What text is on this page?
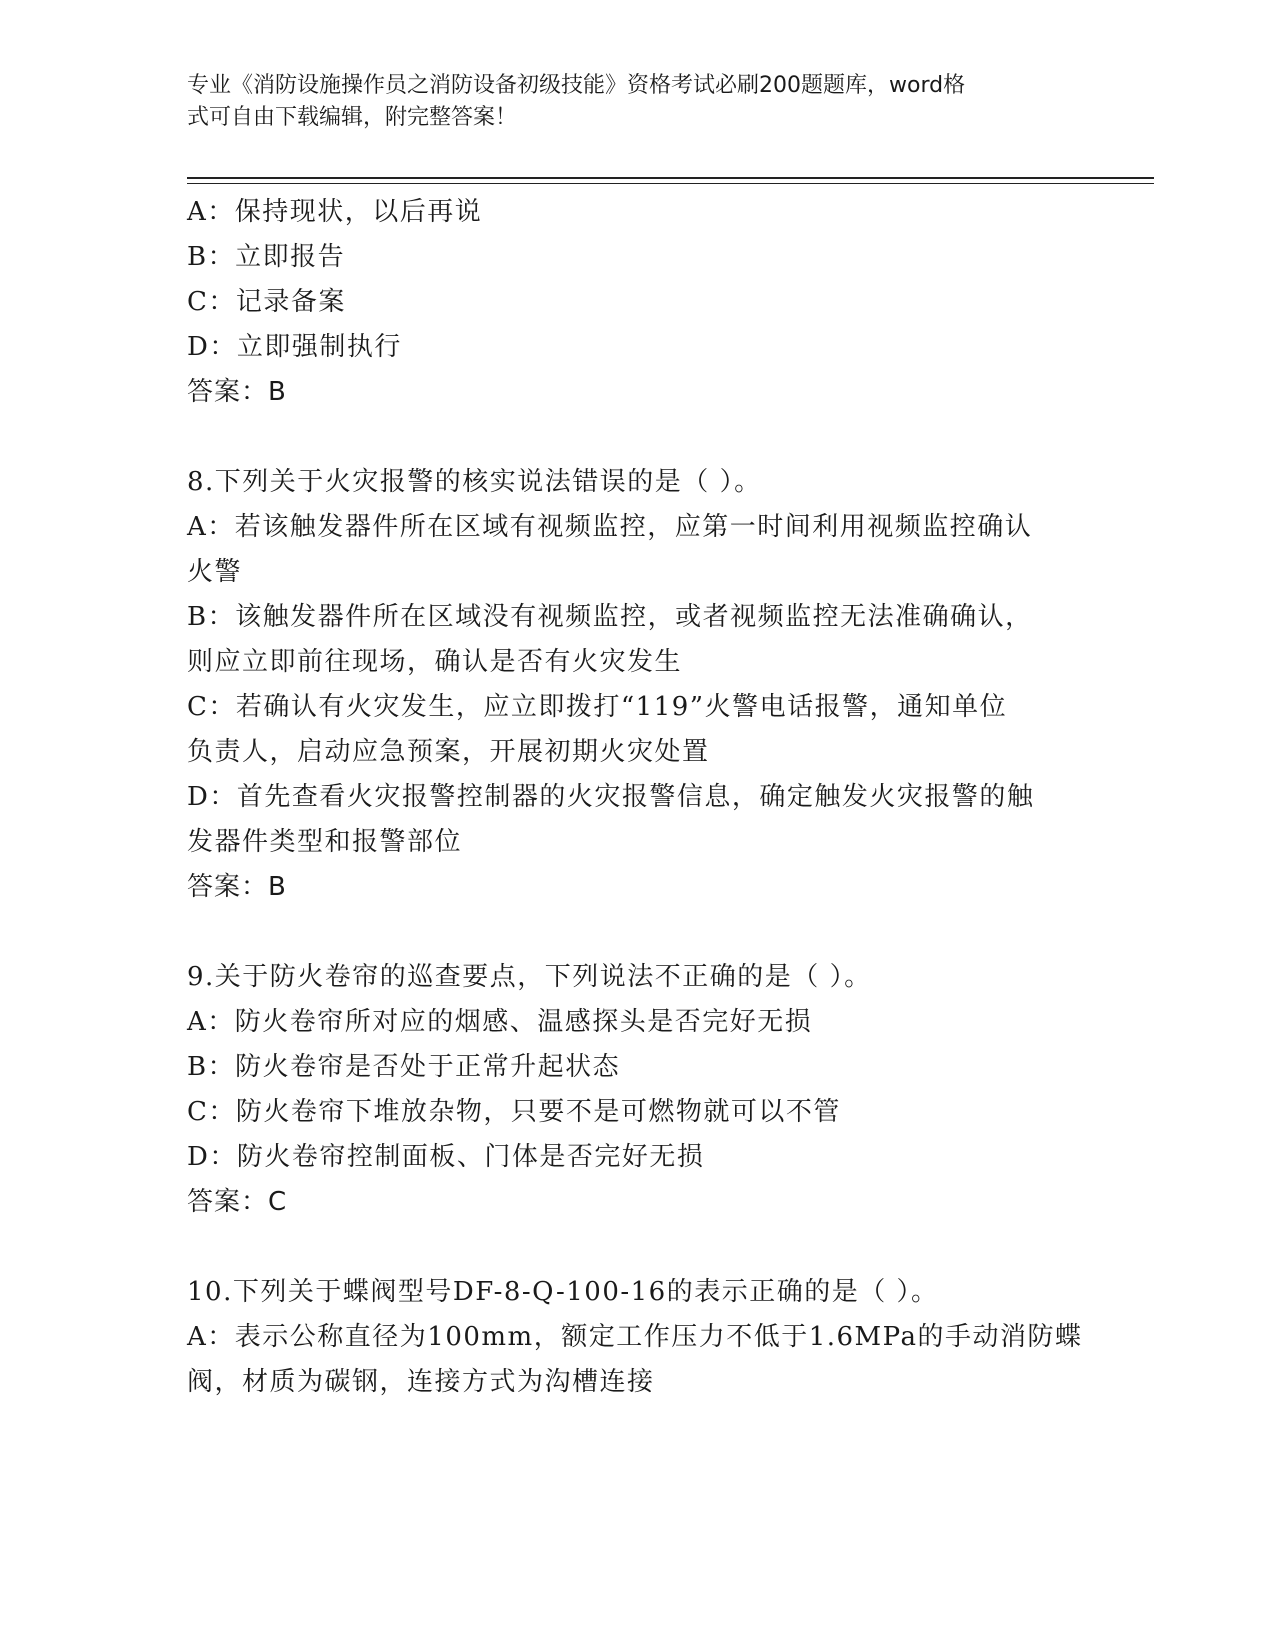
专业《消防设施操作员之消防设备初级技能》资格考试必刷200题题库，word格
式可自由下载编辑，附完整答案！

A：保持现状，以后再说

B：立即报告

C：记录备案

D：立即强制执行

答案：B

8.下列关于火灾报警的核实说法错误的是（ ）。

A：若该触发器件所在区域有视频监控，应第一时间利用视频监控确认

火警

B：该触发器件所在区域没有视频监控，或者视频监控无法准确确认，

则应立即前往现场，确认是否有火灾发生

C：若确认有火灾发生，应立即拨打“119”火警电话报警，通知单位

负责人，启动应急预案，开展初期火灾处置

D：首先查看火灾报警控制器的火灾报警信息，确定触发火灾报警的触

发器件类型和报警部位

答案：B

9.关于防火卷帘的巡查要点，下列说法不正确的是（ ）。

A：防火卷帘所对应的烟感、温感探头是否完好无损

B：防火卷帘是否处于正常升起状态

C：防火卷帘下堆放杂物，只要不是可燃物就可以不管

D：防火卷帘控制面板、门体是否完好无损

答案：C

10.下列关于蝶阀型号DF-8-Q-100-16的表示正确的是（ ）。

A：表示公称直径为100mm，额定工作压力不低于1.6MPa的手动消防蝶

阀，材质为碳钢，连接方式为沟槽连接
